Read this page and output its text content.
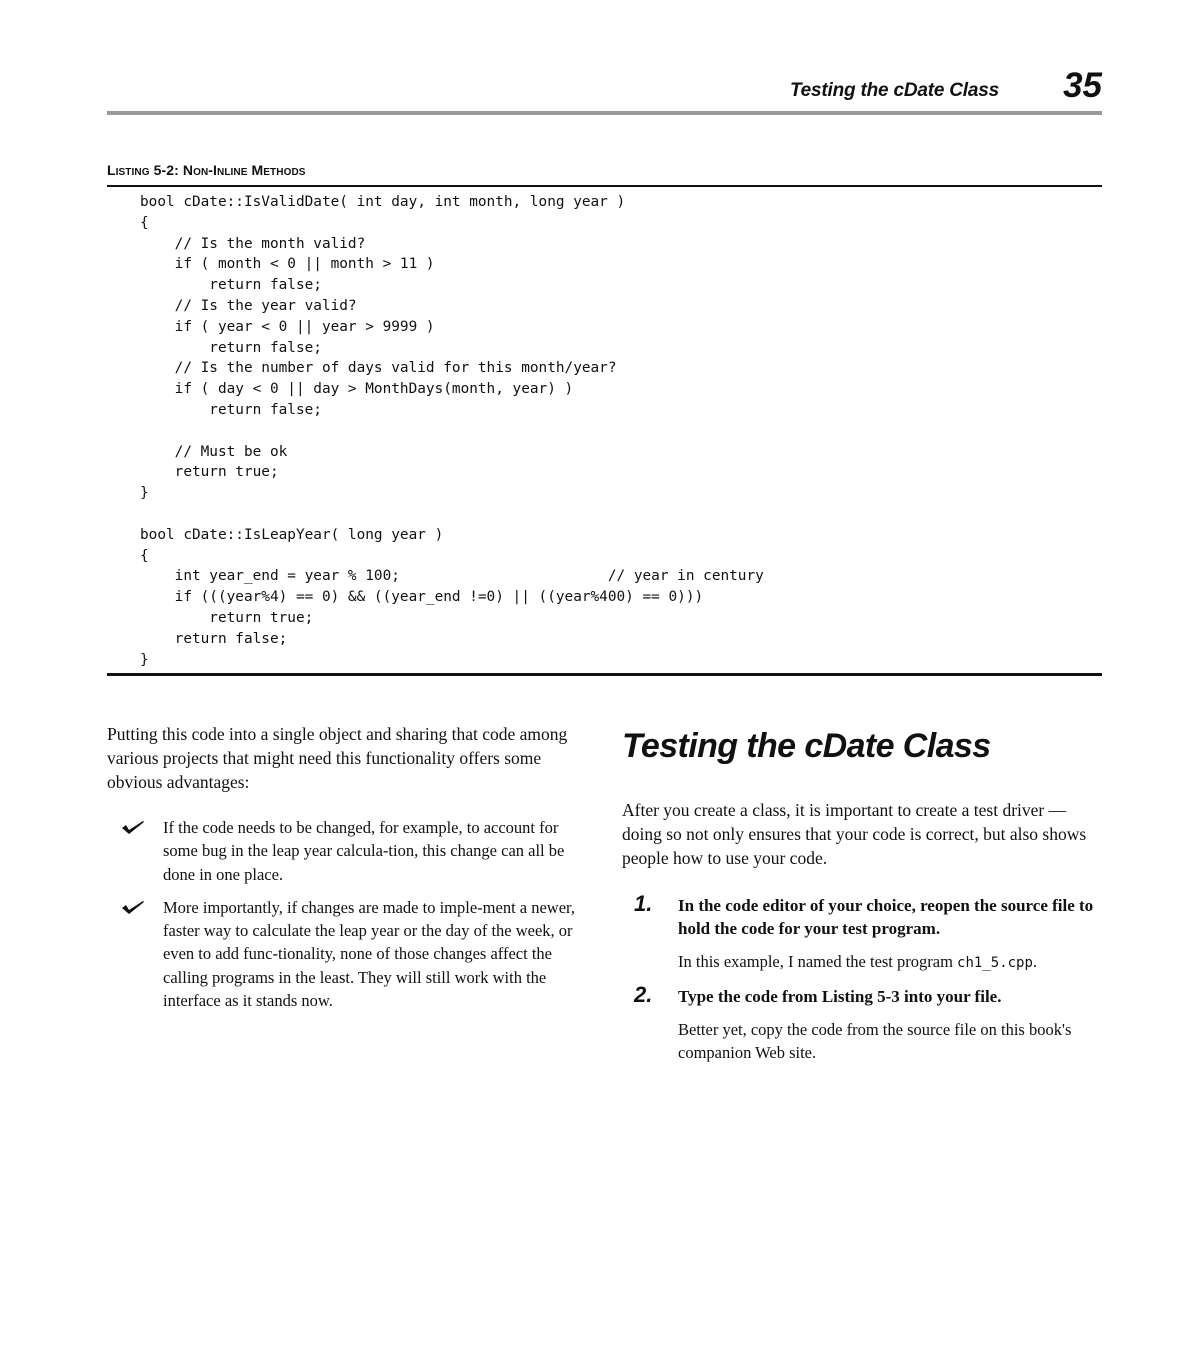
Testing the cDate Class 35
Listing 5-2: Non-Inline Methods
bool cDate::IsValidDate( int day, int month, long year )
{
// Is the month valid?
if ( month < 0 || month > 11 )
return false;
// Is the year valid?
if ( year < 0 || year > 9999 )
return false;
// Is the number of days valid for this month/year?
if ( day < 0 || day > MonthDays(month, year) )
return false;
// Must be ok
return true;
}
bool cDate::IsLeapYear( long year )
{
int year_end = year % 100;                        // year in century
if (((year%4) == 0) && ((year_end !=0) || ((year%400) == 0)))
return true;
return false;
}

Putting this code into a single object and sharing that code among various projects that might need this functionality offers some obvious advantages:

If the code needs to be changed, for example, to account for some bug in the leap year calcula-tion, this change can all be done in one place.
More importantly, if changes are made to imple-ment a newer, faster way to calculate the leap year or the day of the week, or even to add func-tionality, none of those changes affect the calling programs in the least. They will still work with the interface as it stands now.
Testing the cDate Class

After you create a class, it is important to create a test driver — doing so not only ensures that your code is correct, but also shows people how to use your code.

1. In the code editor of your choice, reopen the source file to hold the code for your test program.

In this example, I named the test program ch1_5.cpp.

2. Type the code from Listing 5-3 into your file.

Better yet, copy the code from the source file on this book's companion Web site.
